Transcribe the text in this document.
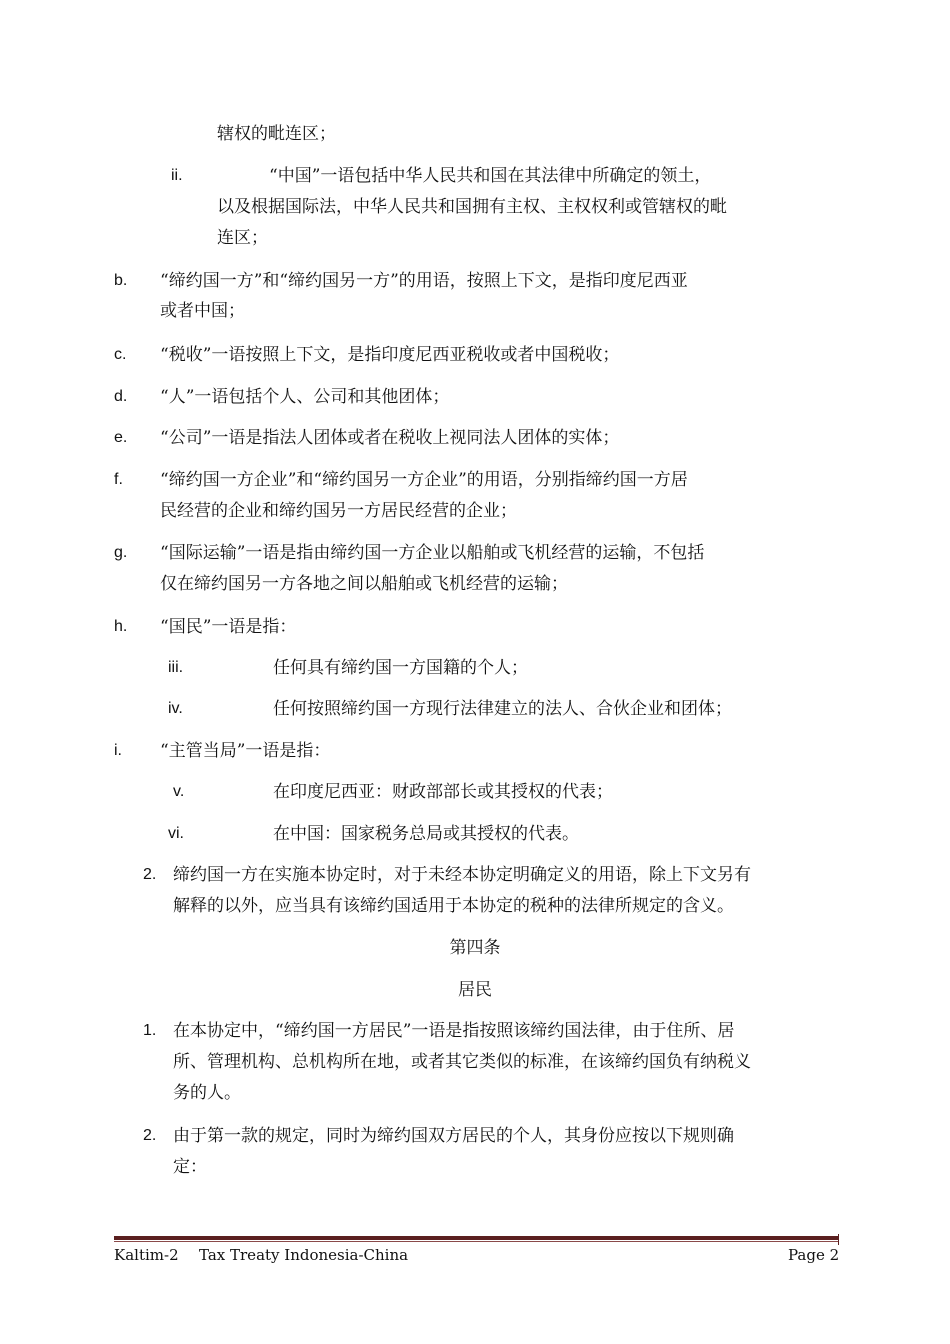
辖权的毗连区；
ii.	“中国”一语包括中华人民共和国在其法律中所确定的领土，
以及根据国际法，中华人民共和国拥有主权、主权权利或管辖权的毗
连区；
b. “缔约国一方”和“缔约国另一方”的用语，按照上下文，是指印度尼西亚
或者中国；
c. “税收”一语按照上下文，是指印度尼西亚税收或者中国税收；
d. “人”一语包括个人、公司和其他团体；
e. “公司”一语是指法人团体或者在税收上视同法人团体的实体；
f. “缔约国一方企业”和“缔约国另一方企业”的用语，分别指缔约国一方居
民经营的企业和缔约国另一方居民经营的企业；
g. “国际运输”一语是指由缔约国一方企业以船舶或飞机经营的运输，不包括
仅在缔约国另一方各地之间以船舶或飞机经营的运输；
h. “国民”一语是指：
iii.	任何具有缔约国一方国籍的个人；
iv.	任何按照缔约国一方现行法律建立的法人、合伙企业和团体；
i. “主管当局”一语是指：
v.	在印度尼西亚：财政部部长或其授权的代表；
vi.	在中国：国家税务总局或其授权的代表。
2. 缔约国一方在实施本协定时，对于未经本协定明确定义的用语，除上下文另有
解释的以外，应当具有该缔约国适用于本协定的税种的法律所规定的含义。
第四条
居民
1. 在本协定中，“缔约国一方居民”一语是指按照该缔约国法律，由于住所、居
所、管理机构、总机构所在地，或者其它类似的标准，在该缔约国负有纳税义
务的人。
2. 由于第一款的规定，同时为缔约国双方居民的个人，其身份应按以下规则确
定：
Kaltim-2 Tax Treaty Indonesia-China	Page 2
